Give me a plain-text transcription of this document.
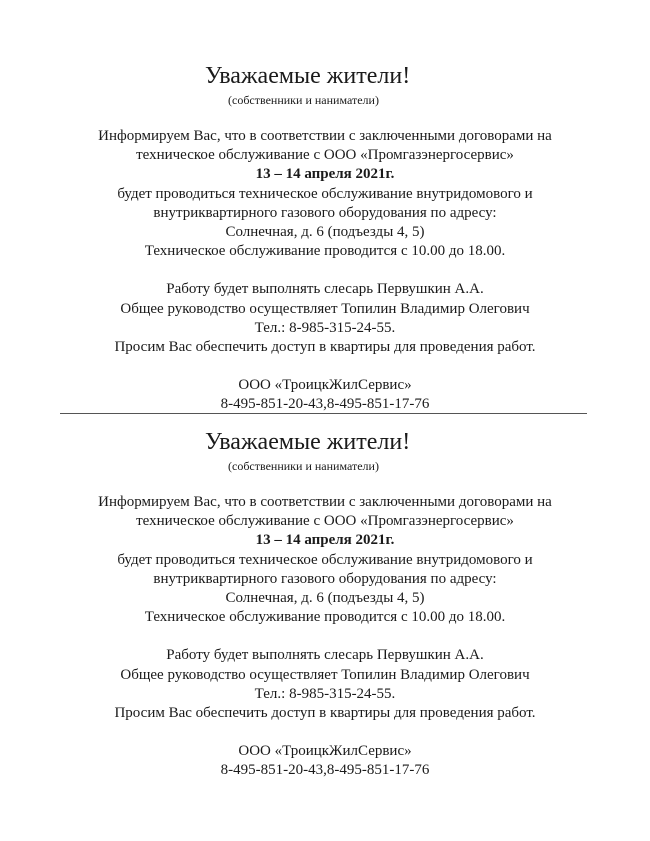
Уважаемые жители!
(собственники и наниматели)
Информируем Вас, что в соответствии с заключенными договорами на
техническое обслуживание с ООО «Промгазэнергосервис»
13 – 14 апреля 2021г.
будет проводиться техническое обслуживание внутридомового и
внутриквартирного газового оборудования по адресу:
Солнечная, д. 6 (подъезды 4, 5)
Техническое обслуживание проводится с 10.00 до 18.00.
Работу будет выполнять слесарь Первушкин А.А.
Общее руководство осуществляет Топилин Владимир Олегович
Тел.: 8-985-315-24-55.
Просим Вас обеспечить доступ в квартиры для проведения работ.
ООО «ТроицкЖилСервис»
8-495-851-20-43,8-495-851-17-76
Уважаемые жители!
(собственники и наниматели)
Информируем Вас, что в соответствии с заключенными договорами на
техническое обслуживание с ООО «Промгазэнергосервис»
13 – 14 апреля 2021г.
будет проводиться техническое обслуживание внутридомового и
внутриквартирного газового оборудования по адресу:
Солнечная, д. 6 (подъезды 4, 5)
Техническое обслуживание проводится с 10.00 до 18.00.
Работу будет выполнять слесарь Первушкин А.А.
Общее руководство осуществляет Топилин Владимир Олегович
Тел.: 8-985-315-24-55.
Просим Вас обеспечить доступ в квартиры для проведения работ.
ООО «ТроицкЖилСервис»
8-495-851-20-43,8-495-851-17-76
